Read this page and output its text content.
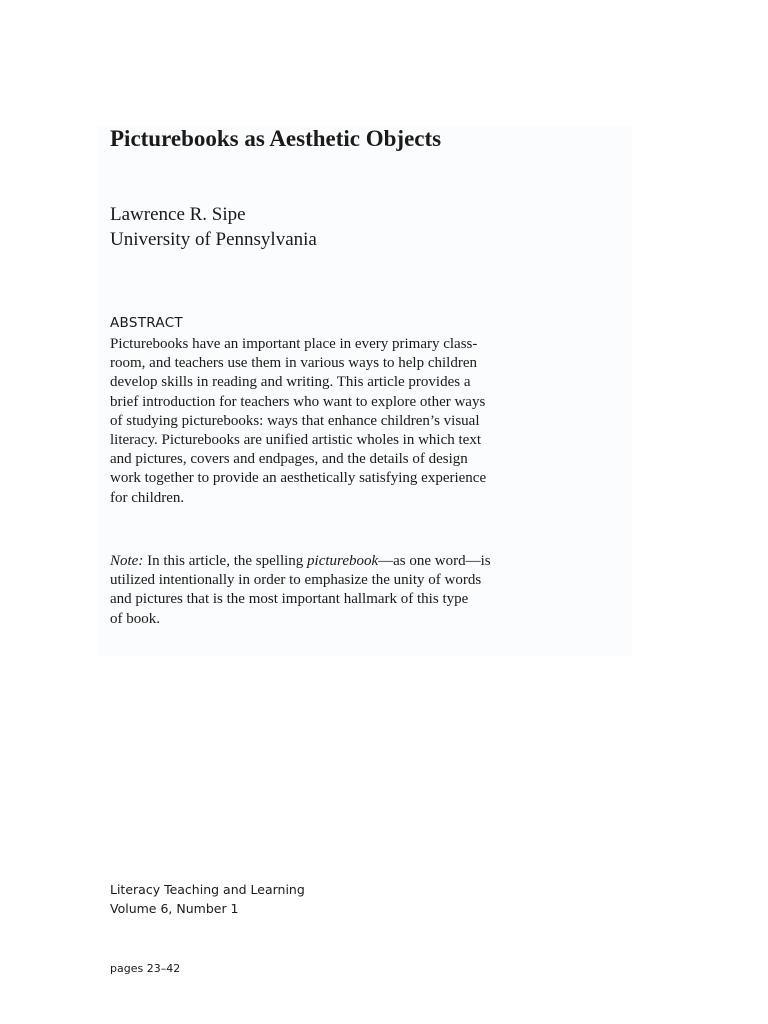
Picturebooks as Aesthetic Objects

Lawrence R. Sipe

University of Pennsylvania

ABSTRACT

Picturebooks have an important place in every primary class-
room, and teachers use them in various ways to help children
develop skills in reading and writing. This article provides a
brief introduction for teachers who want to explore other ways
of studying picturebooks: ways that enhance children’s visual
literacy. Picturebooks are unified artistic wholes in which text
and pictures, covers and endpages, and the details of design
work together to provide an aesthetically satisfying experience
for children.

Note: In this article, the spelling picturebook—as one word—is
utilized intentionally in order to emphasize the unity of words
and pictures that is the most important hallmark of this type
of book.

Literacy Teaching and Learning

Volume 6, Number 1

pages 23–42
